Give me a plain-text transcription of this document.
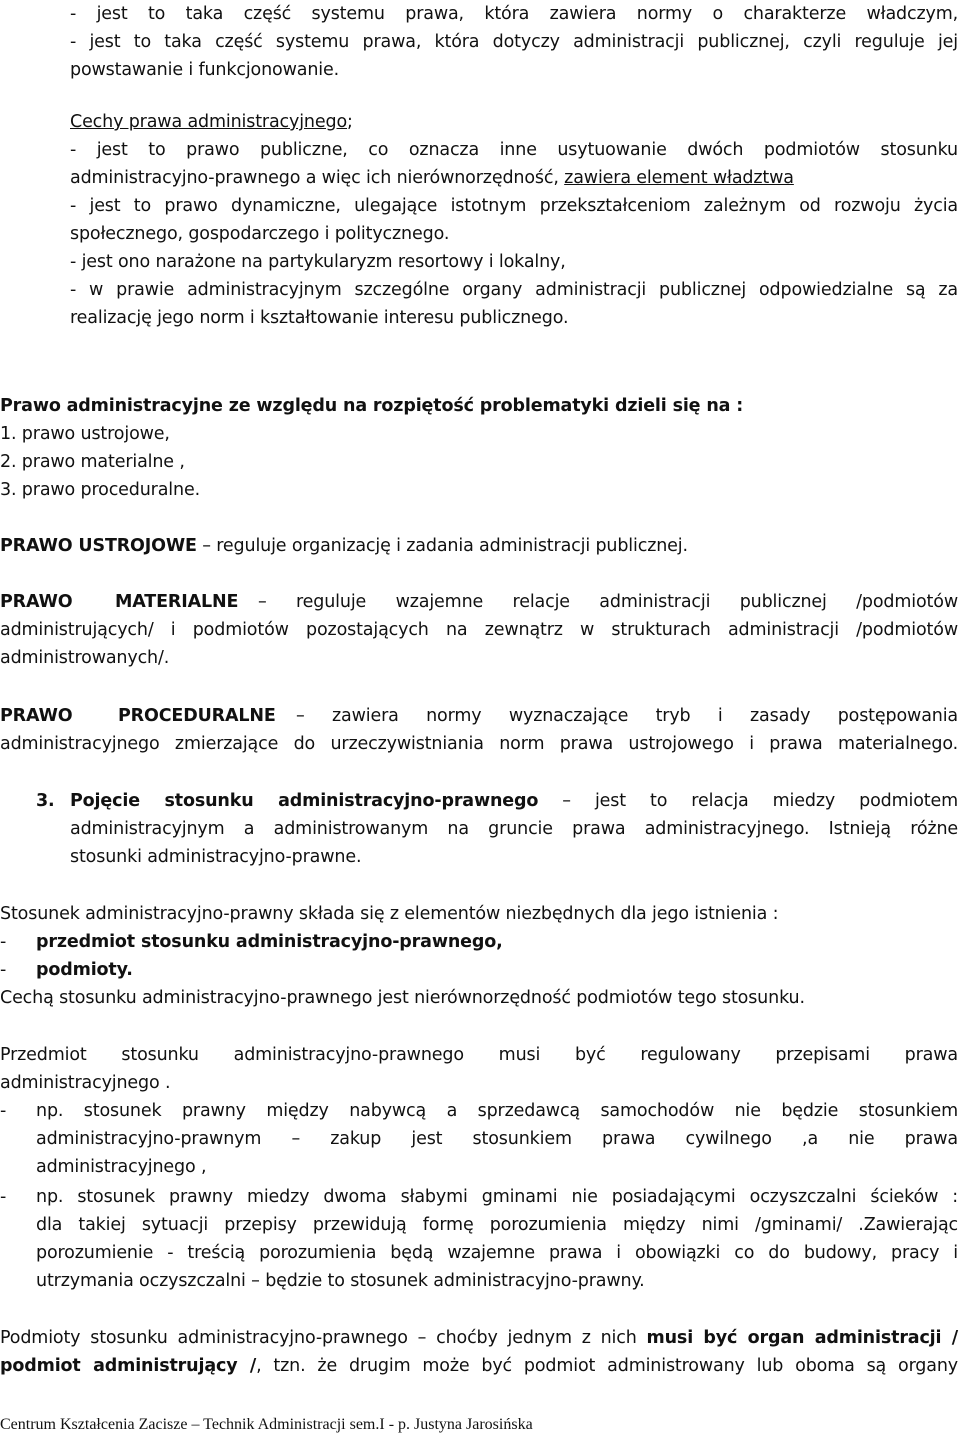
- jest to taka część systemu prawa, która zawiera normy o charakterze władczym,
- jest to taka część systemu prawa, która dotyczy administracji publicznej, czyli reguluje jej
powstawanie i funkcjonowanie.
Cechy prawa administracyjnego;
- jest to prawo publiczne, co oznacza inne usytuowanie dwóch podmiotów stosunku
administracyjno-prawnego a więc ich nierównorzędność, zawiera element władztwa
- jest to prawo dynamiczne, ulegające istotnym przekształceniom zależnym od rozwoju życia
społecznego, gospodarczego i politycznego.
- jest ono narażone na partykularyzm resortowy i lokalny,
- w prawie administracyjnym szczególne organy administracji publicznej odpowiedzialne są za
realizację jego norm i kształtowanie interesu publicznego.
Prawo administracyjne ze względu na rozpiętość problematyki dzieli się na :
1. prawo ustrojowe,
2. prawo materialne ,
3. prawo proceduralne.
PRAWO USTROJOWE – reguluje organizację i zadania administracji publicznej.
PRAWO MATERIALNE – reguluje wzajemne relacje administracji publicznej /podmiotów
administrujących/ i podmiotów pozostających na zewnątrz w strukturach administracji /podmiotów
administrowanych/.
PRAWO	PROCEDURALNE – zawiera normy wyznaczające tryb i zasady postępowania
administracyjnego zmierzające do urzeczywistniania norm prawa ustrojowego i prawa materialnego.
3. Pojęcie stosunku administracyjno-prawnego – jest to relacja miedzy podmiotem
administracyjnym a administrowanym na gruncie prawa administracyjnego. Istnieją różne
stosunki administracyjno-prawne.
Stosunek administracyjno-prawny składa się z elementów niezbędnych dla jego istnienia :
- przedmiot stosunku administracyjno-prawnego,
- podmioty.
Cechą stosunku administracyjno-prawnego jest nierównorzędność podmiotów tego stosunku.
Przedmiot stosunku administracyjno-prawnego musi być regulowany przepisami prawa
administracyjnego .
- np. stosunek prawny między nabywcą a sprzedawcą samochodów nie będzie stosunkiem
administracyjno-prawnym – zakup jest stosunkiem prawa cywilnego ,a nie prawa
administracyjnego ,
- np. stosunek prawny miedzy dwoma słabymi gminami nie posiadającymi oczyszczalni ścieków :
dla takiej sytuacji przepisy przewidują formę porozumienia między nimi /gminami/ .Zawierając
porozumienie - treścią porozumienia będą wzajemne prawa i obowiązki co do budowy, pracy i
utrzymania oczyszczalni – będzie to stosunek administracyjno-prawny.
Podmioty stosunku administracyjno-prawnego – choćby jednym z nich musi być organ administracji /
podmiot administrujący /, tzn. że drugim może być podmiot administrowany lub oboma są organy
Centrum Kształcenia Zacisze – Technik Administracji sem.I - p. Justyna Jarosińska
